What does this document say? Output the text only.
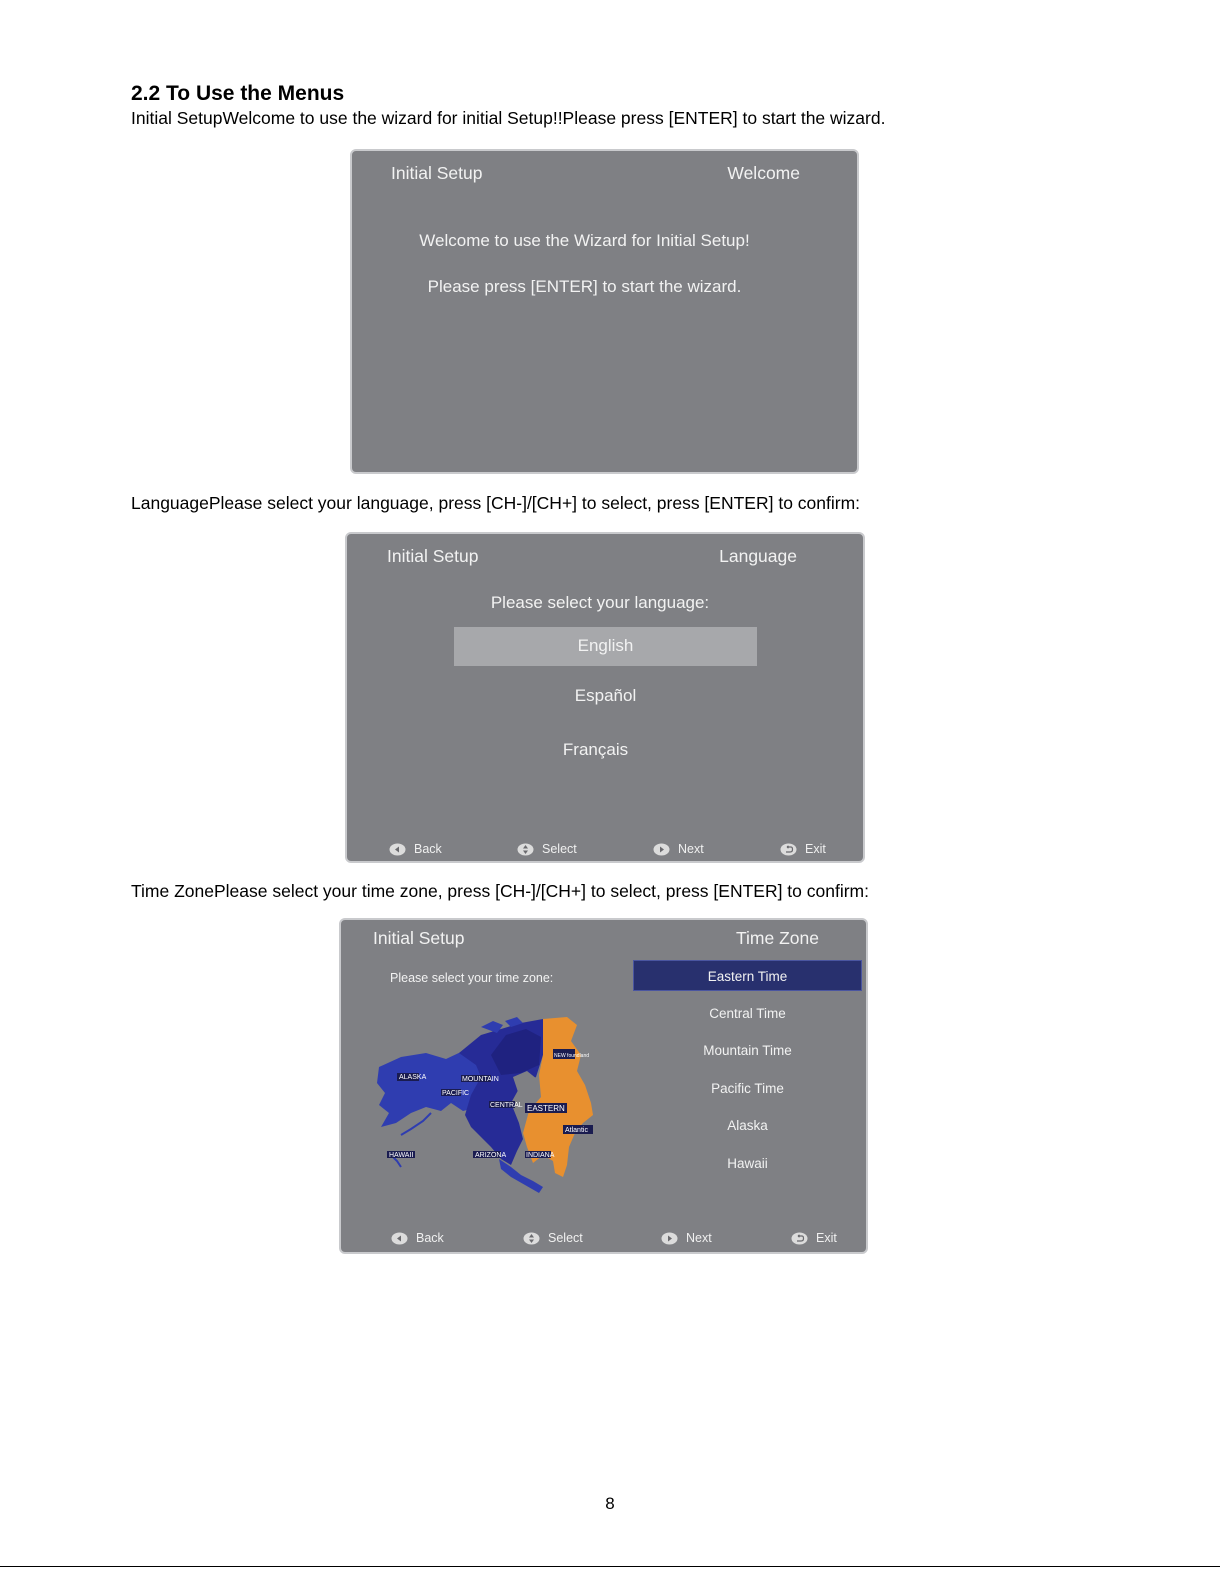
2.2 To Use the Menus

Initial SetupWelcome to use the wizard for initial Setup!!Please press [ENTER] to start the wizard.

Initial Setup	Welcome
Welcome to use the Wizard for Initial Setup!
Please press [ENTER] to start the wizard.

LanguagePlease select your language, press [CH-]/[CH+] to select, press [ENTER] to confirm:

Initial Setup	Language
Please select your language:
English
Español
Français
Back	Select	Next	Exit

Time ZonePlease select your time zone, press [CH-]/[CH+] to select, press [ENTER] to confirm:

Initial Setup	Time Zone
Please select your time zone:
ALASKA
PACIFIC
MOUNTAIN
CENTRAL EASTERN
Atlantic
NEW foundland
HAWAII	ARIZONA	INDIANA
Eastern Time
Central Time
Mountain Time
Pacific Time
Alaska
Hawaii
Back	Select	Next	Exit
8
